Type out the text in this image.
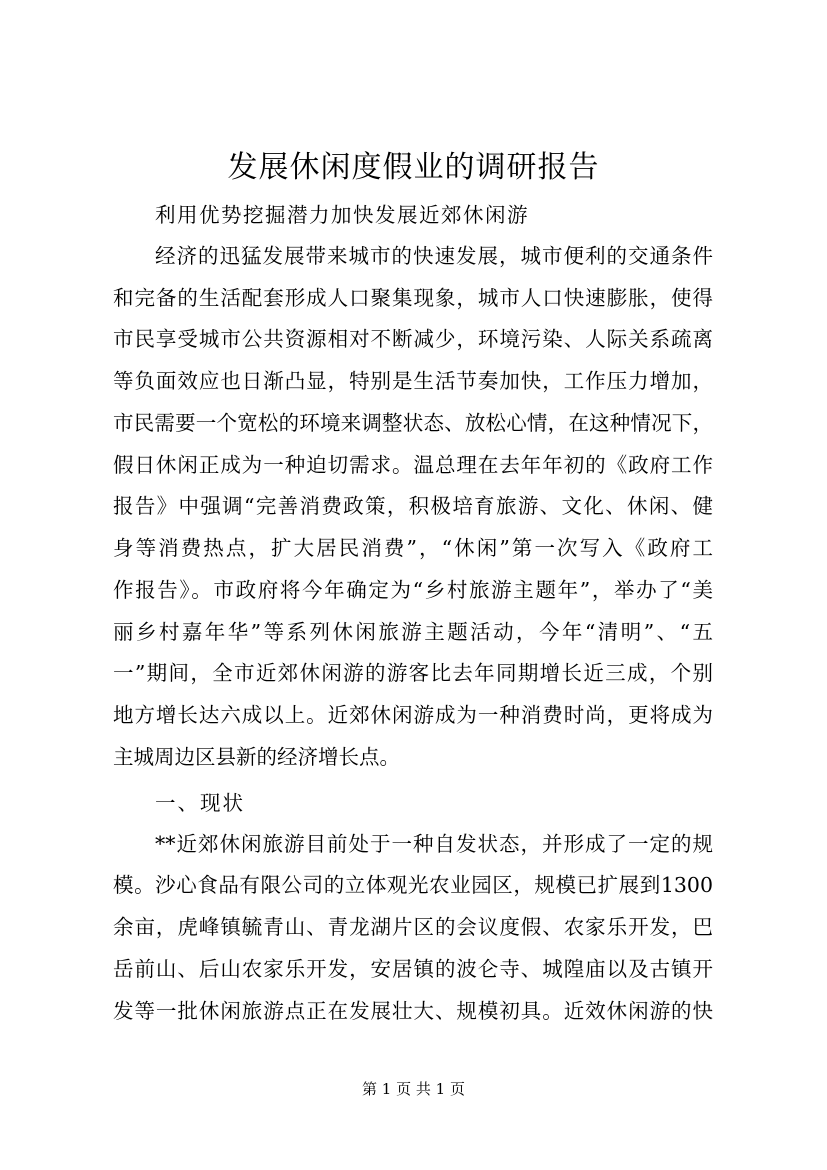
发展休闲度假业的调研报告
利用优势挖掘潜力加快发展近郊休闲游
经济的迅猛发展带来城市的快速发展，城市便利的交通条件
和完备的生活配套形成人口聚集现象，城市人口快速膨胀，使得
市民享受城市公共资源相对不断减少，环境污染、人际关系疏离
等负面效应也日渐凸显，特别是生活节奏加快，工作压力增加，
市民需要一个宽松的环境来调整状态、放松心情，在这种情况下，
假日休闲正成为一种迫切需求。温总理在去年年初的《政府工作
报告》中强调“完善消费政策，积极培育旅游、文化、休闲、健
身等消费热点，扩大居民消费”，“休闲”第一次写入《政府工
作报告》。市政府将今年确定为“乡村旅游主题年”，举办了“美
丽乡村嘉年华”等系列休闲旅游主题活动，今年“清明”、“五
一”期间，全市近郊休闲游的游客比去年同期增长近三成，个别
地方增长达六成以上。近郊休闲游成为一种消费时尚，更将成为
主城周边区县新的经济增长点。
一、现状
**近郊休闲旅游目前处于一种自发状态，并形成了一定的规
模。沙心食品有限公司的立体观光农业园区，规模已扩展到1300
余亩，虎峰镇毓青山、青龙湖片区的会议度假、农家乐开发，巴
岳前山、后山农家乐开发，安居镇的波仑寺、城隍庙以及古镇开
发等一批休闲旅游点正在发展壮大、规模初具。近效休闲游的快
第 1 页 共 1 页
